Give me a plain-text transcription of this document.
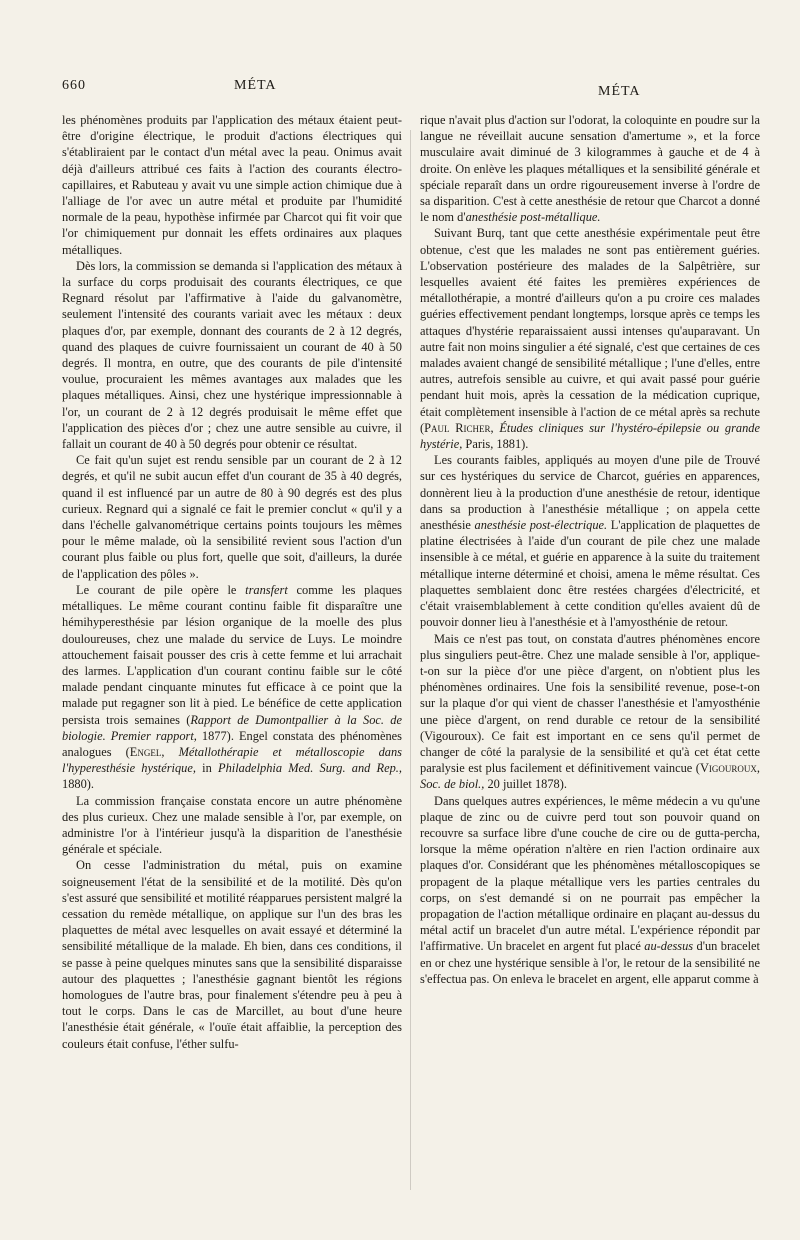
660	MÉTA	MÉTA

les phénomènes produits par l'application des métaux étaient peut-être d'origine électrique, le produit d'actions électriques qui s'établiraient par le contact d'un métal avec la peau. Onimus avait déjà d'ailleurs attribué ces faits à l'action des courants électro-capillaires, et Rabuteau y avait vu une simple action chimique due à l'alliage de l'or avec un autre métal et produite par l'humidité normale de la peau, hypothèse infirmée par Charcot qui fit voir que l'or chimiquement pur donnait les effets ordinaires aux plaques métalliques.

Dès lors, la commission se demanda si l'application des métaux à la surface du corps produisait des courants électriques, ce que Regnard résolut par l'affirmative à l'aide du galvanomètre, seulement l'intensité des courants variait avec les métaux : deux plaques d'or, par exemple, donnant des courants de 2 à 12 degrés, quand des plaques de cuivre fournissaient un courant de 40 à 50 degrés. Il montra, en outre, que des courants de pile d'intensité voulue, procuraient les mêmes avantages aux malades que les plaques métalliques. Ainsi, chez une hystérique impressionnable à l'or, un courant de 2 à 12 degrés produisait le même effet que l'application des pièces d'or ; chez une autre sensible au cuivre, il fallait un courant de 40 à 50 degrés pour obtenir ce résultat.

Ce fait qu'un sujet est rendu sensible par un courant de 2 à 12 degrés, et qu'il ne subit aucun effet d'un courant de 35 à 40 degrés, quand il est influencé par un autre de 80 à 90 degrés est des plus curieux. Regnard qui a signalé ce fait le premier conclut « qu'il y a dans l'échelle galvanométrique certains points toujours les mêmes pour le même malade, où la sensibilité revient sous l'action d'un courant plus faible ou plus fort, quelle que soit, d'ailleurs, la durée de l'application des pôles ».

Le courant de pile opère le transfert comme les plaques métalliques. Le même courant continu faible fit disparaître une hémihyperesthésie par lésion organique de la moelle des plus douloureuses, chez une malade du service de Luys. Le moindre attouchement faisait pousser des cris à cette femme et lui arrachait des larmes. L'application d'un courant continu faible sur le côté malade pendant cinquante minutes fut efficace à ce point que la malade put regagner son lit à pied. Le bénéfice de cette application persista trois semaines (Rapport de Dumontpallier à la Soc. de biologie. Premier rapport, 1877). Engel constata des phénomènes analogues (Engel, Métallothérapie et métalloscopie dans l'hyperesthésie hystérique, in Philadelphia Med. Surg. and Rep., 1880).

La commission française constata encore un autre phénomène des plus curieux. Chez une malade sensible à l'or, par exemple, on administre l'or à l'intérieur jusqu'à la disparition de l'anesthésie générale et spéciale.

On cesse l'administration du métal, puis on examine soigneusement l'état de la sensibilité et de la motilité. Dès qu'on s'est assuré que sensibilité et motilité réapparues persistent malgré la cessation du remède métallique, on applique sur l'un des bras les plaquettes de métal avec lesquelles on avait essayé et déterminé la sensibilité métallique de la malade. Eh bien, dans ces conditions, il se passe à peine quelques minutes sans que la sensibilité disparaisse autour des plaquettes ; l'anesthésie gagnant bientôt les régions homologues de l'autre bras, pour finalement s'étendre peu à peu à tout le corps. Dans le cas de Marcillet, au bout d'une heure l'anesthésie était générale, « l'ouïe était affaiblie, la perception des couleurs était confuse, l'éther sulfu-

rique n'avait plus d'action sur l'odorat, la coloquinte en poudre sur la langue ne réveillait aucune sensation d'amertume », et la force musculaire avait diminué de 3 kilogrammes à gauche et de 4 à droite. On enlève les plaques métalliques et la sensibilité générale et spéciale reparaît dans un ordre rigoureusement inverse à l'ordre de sa disparition. C'est à cette anesthésie de retour que Charcot a donné le nom d'anesthésie post-métallique.

Suivant Burq, tant que cette anesthésie expérimentale peut être obtenue, c'est que les malades ne sont pas entièrement guéries. L'observation postérieure des malades de la Salpêtrière, sur lesquelles avaient été faites les premières expériences de métallothérapie, a montré d'ailleurs qu'on a pu croire ces malades guéries effectivement pendant longtemps, lorsque après ce temps les attaques d'hystérie reparaissaient aussi intenses qu'auparavant. Un autre fait non moins singulier a été signalé, c'est que certaines de ces malades avaient changé de sensibilité métallique ; l'une d'elles, entre autres, autrefois sensible au cuivre, et qui avait passé pour guérie pendant huit mois, après la cessation de la médication cuprique, était complètement insensible à l'action de ce métal après sa rechute (Paul Richer, Études cliniques sur l'hystéro-épilepsie ou grande hystérie, Paris, 1881).

Les courants faibles, appliqués au moyen d'une pile de Trouvé sur ces hystériques du service de Charcot, guéries en apparences, donnèrent lieu à la production d'une anesthésie de retour, identique dans sa production à l'anesthésie métallique ; on appela cette anesthésie anesthésie post-électrique. L'application de plaquettes de platine électrisées à l'aide d'un courant de pile chez une malade insensible à ce métal, et guérie en apparence à la suite du traitement métallique interne déterminé et choisi, amena le même résultat. Ces plaquettes semblaient donc être restées chargées d'électricité, et c'était vraisemblablement à cette condition qu'elles avaient dû de pouvoir donner lieu à l'anesthésie et à l'amyosthénie de retour.

Mais ce n'est pas tout, on constata d'autres phénomènes encore plus singuliers peut-être. Chez une malade sensible à l'or, applique-t-on sur la pièce d'or une pièce d'argent, on n'obtient plus les phénomènes ordinaires. Une fois la sensibilité revenue, pose-t-on sur la plaque d'or qui vient de chasser l'anesthésie et l'amyosthénie une pièce d'argent, on rend durable ce retour de la sensibilité (Vigouroux). Ce fait est important en ce sens qu'il permet de changer de côté la paralysie de la sensibilité et qu'à cet état cette paralysie est plus facilement et définitivement vaincue (Vigouroux, Soc. de biol., 20 juillet 1878).

Dans quelques autres expériences, le même médecin a vu qu'une plaque de zinc ou de cuivre perd tout son pouvoir quand on recouvre sa surface libre d'une couche de cire ou de gutta-percha, lorsque la même opération n'altère en rien l'action ordinaire aux plaques d'or. Considérant que les phénomènes métalloscopiques se propagent de la plaque métallique vers les parties centrales du corps, on s'est demandé si on ne pourrait pas empêcher la propagation de l'action métallique ordinaire en plaçant au-dessus du métal actif un bracelet d'un autre métal. L'expérience répondit par l'affirmative. Un bracelet en argent fut placé au-dessus d'un bracelet en or chez une hystérique sensible à l'or, le retour de la sensibilité ne s'effectua pas. On enleva le bracelet en argent, elle apparut comme à
